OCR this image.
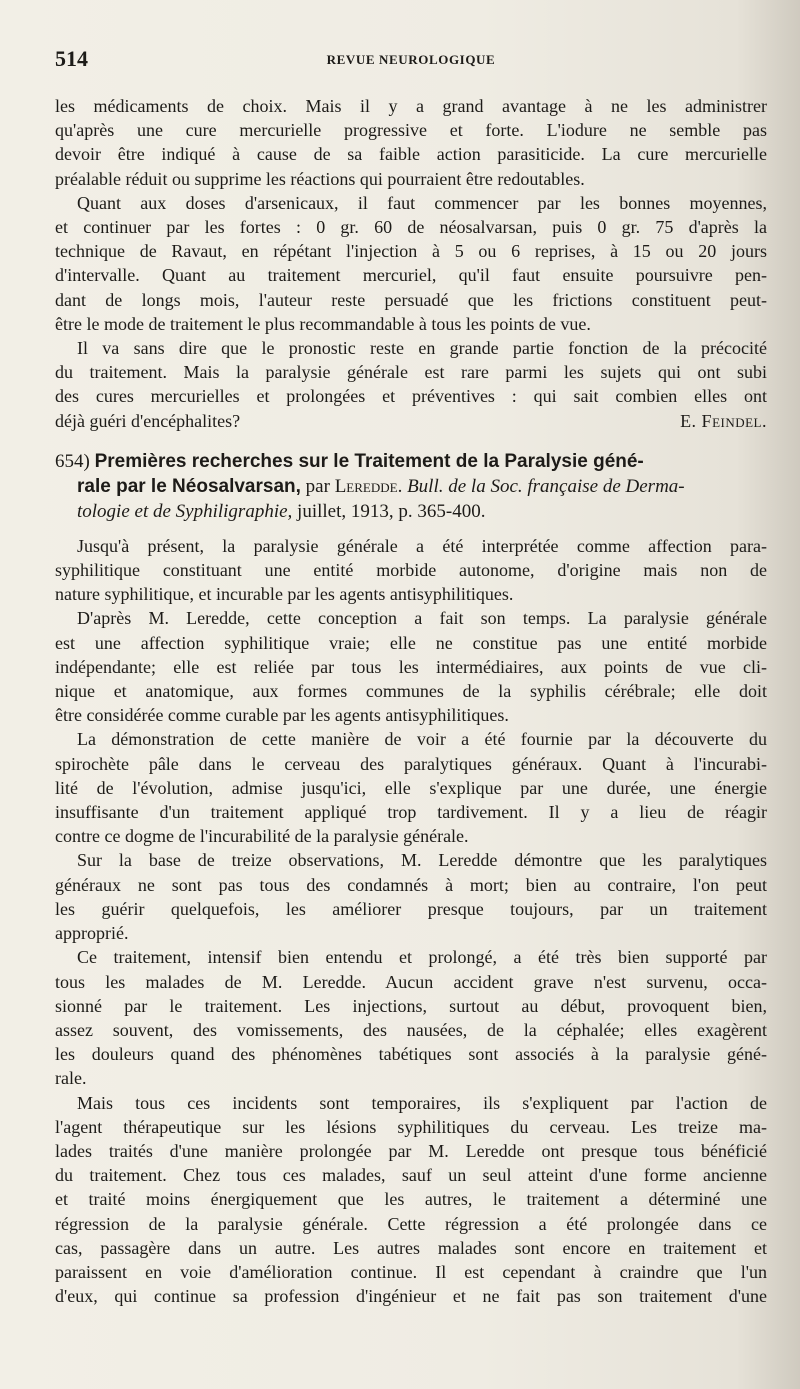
514	REVUE NEUROLOGIQUE
les médicaments de choix. Mais il y a grand avantage à ne les administrer
qu'après une cure mercurielle progressive et forte. L'iodure ne semble pas
devoir être indiqué à cause de sa faible action parasiticide. La cure mercurielle
préalable réduit ou supprime les réactions qui pourraient être redoutables.
Quant aux doses d'arsenicaux, il faut commencer par les bonnes moyennes,
et continuer par les fortes : 0 gr. 60 de néosalvarsan, puis 0 gr. 75 d'après la
technique de Ravaut, en répétant l'injection à 5 ou 6 reprises, à 15 ou 20 jours
d'intervalle. Quant au traitement mercuriel, qu'il faut ensuite poursuivre pen-
dant de longs mois, l'auteur reste persuadé que les frictions constituent peut-
être le mode de traitement le plus recommandable à tous les points de vue.
Il va sans dire que le pronostic reste en grande partie fonction de la précocité
du traitement. Mais la paralysie générale est rare parmi les sujets qui ont subi
des cures mercurielles et prolongées et préventives : qui sait combien elles ont
déjà guéri d'encéphalites?	E. Feindel.
654) Premières recherches sur le Traitement de la Paralysie géné-
rale par le Néosalvarsan, par Leredde. Bull. de la Soc. française de Derma-
tologie et de Syphiligraphie, juillet, 1913, p. 365-400.
Jusqu'à présent, la paralysie générale a été interprétée comme affection para-
syphilitique constituant une entité morbide autonome, d'origine mais non de
nature syphilitique, et incurable par les agents antisyphilitiques.
D'après M. Leredde, cette conception a fait son temps. La paralysie générale
est une affection syphilitique vraie; elle ne constitue pas une entité morbide
indépendante; elle est reliée par tous les intermédiaires, aux points de vue cli-
nique et anatomique, aux formes communes de la syphilis cérébrale; elle doit
être considérée comme curable par les agents antisyphilitiques.
La démonstration de cette manière de voir a été fournie par la découverte du
spirochète pâle dans le cerveau des paralytiques généraux. Quant à l'incurabi-
lité de l'évolution, admise jusqu'ici, elle s'explique par une durée, une énergie
insuffisante d'un traitement appliqué trop tardivement. Il y a lieu de réagir
contre ce dogme de l'incurabilité de la paralysie générale.
Sur la base de treize observations, M. Leredde démontre que les paralytiques
généraux ne sont pas tous des condamnés à mort; bien au contraire, l'on peut
les guérir quelquefois, les améliorer presque toujours, par un traitement
approprié.
Ce traitement, intensif bien entendu et prolongé, a été très bien supporté par
tous les malades de M. Leredde. Aucun accident grave n'est survenu, occa-
sionné par le traitement. Les injections, surtout au début, provoquent bien,
assez souvent, des vomissements, des nausées, de la céphalée; elles exagèrent
les douleurs quand des phénomènes tabétiques sont associés à la paralysie géné-
rale.
Mais tous ces incidents sont temporaires, ils s'expliquent par l'action de
l'agent thérapeutique sur les lésions syphilitiques du cerveau. Les treize ma-
lades traités d'une manière prolongée par M. Leredde ont presque tous bénéficié
du traitement. Chez tous ces malades, sauf un seul atteint d'une forme ancienne
et traité moins énergiquement que les autres, le traitement a déterminé une
régression de la paralysie générale. Cette régression a été prolongée dans ce
cas, passagère dans un autre. Les autres malades sont encore en traitement et
paraissent en voie d'amélioration continue. Il est cependant à craindre que l'un
d'eux, qui continue sa profession d'ingénieur et ne fait pas son traitement d'une
